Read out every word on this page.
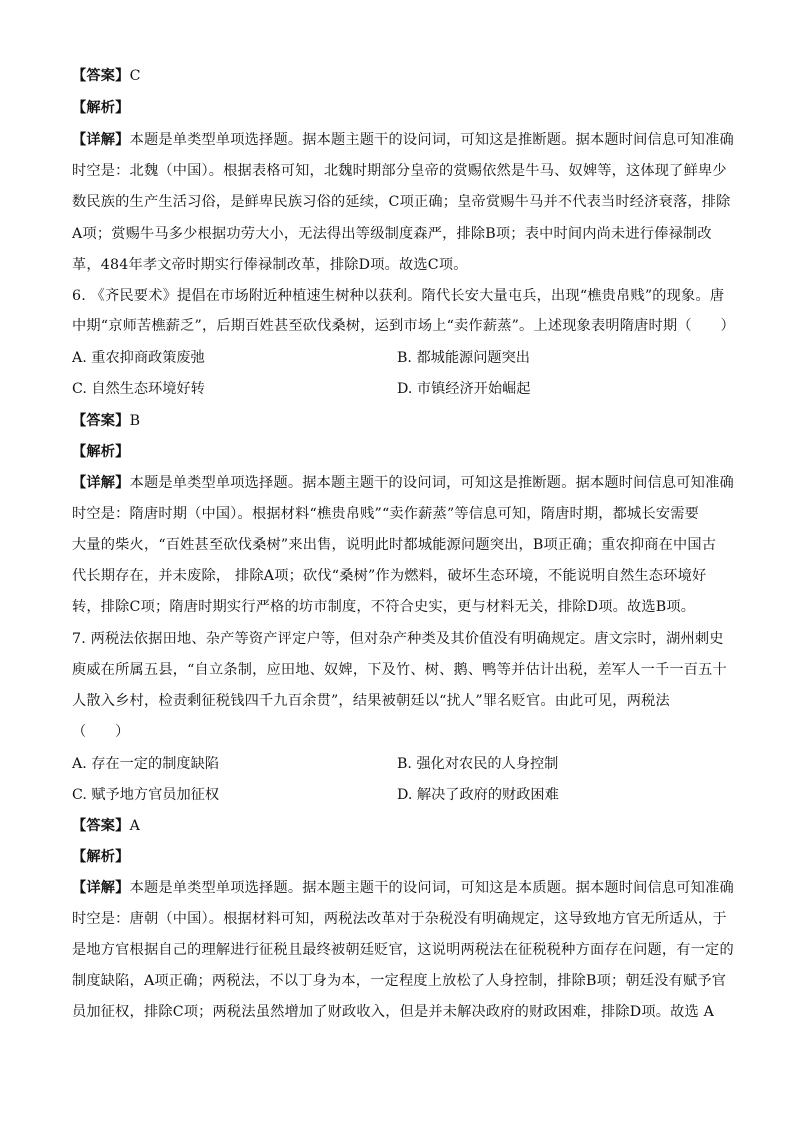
【答案】C
【解析】
【详解】本题是单类型单项选择题。据本题主题干的设问词，可知这是推断题。据本题时间信息可知准确
时空是：北魏（中国）。根据表格可知，北魏时期部分皇帝的赏赐依然是牛马、奴婢等，这体现了鲜卑少
数民族的生产生活习俗，是鲜卑民族习俗的延续，C项正确；皇帝赏赐牛马并不代表当时经济衰落，排除
A项；赏赐牛马多少根据功劳大小，无法得出等级制度森严，排除B项；表中时间内尚未进行俸禄制改
革，484年孝文帝时期实行俸禄制改革，排除D项。故选C项。
6. 《齐民要术》提倡在市场附近种植速生树种以获利。隋代长安大量屯兵，出现“樵贵帛贱”的现象。唐
中期“京师苦樵薪乏”，后期百姓甚至砍伐桑树，运到市场上“卖作薪蒸”。上述现象表明隋唐时期（　　）
A. 重农抑商政策废弛	B. 都城能源问题突出
C. 自然生态环境好转	D. 市镇经济开始崛起
【答案】B
【解析】
【详解】本题是单类型单项选择题。据本题主题干的设问词，可知这是推断题。据本题时间信息可知准确
时空是：隋唐时期（中国）。根据材料“樵贵帛贱”“卖作薪蒸”等信息可知，隋唐时期，都城长安需要
大量的柴火，“百姓甚至砍伐桑树”来出售，说明此时都城能源问题突出，B项正确；重农抑商在中国古
代长期存在，并未废除， 排除A项；砍伐“桑树”作为燃料，破坏生态环境，不能说明自然生态环境好
转，排除C项；隋唐时期实行严格的坊市制度，不符合史实，更与材料无关，排除D项。故选B项。
7. 两税法依据田地、杂产等资产评定户等，但对杂产种类及其价值没有明确规定。唐文宗时，湖州刺史
庾威在所属五县，“自立条制，应田地、奴婢，下及竹、树、鹅、鸭等并估计出税，差军人一千一百五十
人散入乡村，检责剩征税钱四千九百余贯”，结果被朝廷以“扰人”罪名贬官。由此可见，两税法
（　　）
A. 存在一定的制度缺陷	B. 强化对农民的人身控制
C. 赋予地方官员加征权	D. 解决了政府的财政困难
【答案】A
【解析】
【详解】本题是单类型单项选择题。据本题主题干的设问词，可知这是本质题。据本题时间信息可知准确
时空是：唐朝（中国）。根据材料可知，两税法改革对于杂税没有明确规定，这导致地方官无所适从，于
是地方官根据自己的理解进行征税且最终被朝廷贬官，这说明两税法在征税税种方面存在问题，有一定的
制度缺陷，A项正确；两税法，不以丁身为本，一定程度上放松了人身控制，排除B项；朝廷没有赋予官
员加征权，排除C项；两税法虽然增加了财政收入，但是并未解决政府的财政困难，排除D项。故选 A
